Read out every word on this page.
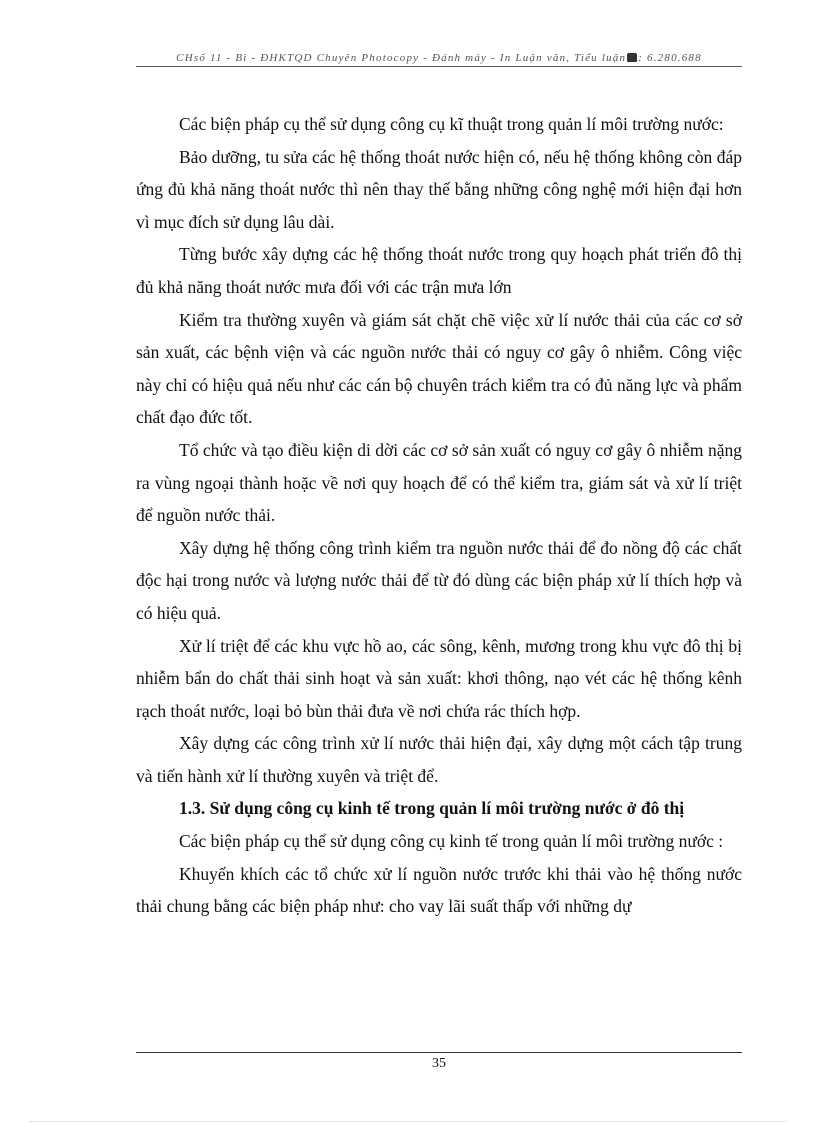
CHsố 11 - Bì - ĐHKTQD Chuyên Photocopy - Đánh máy - In Luận văn, Tiểu luận : 6.280.688

Các biện pháp cụ thể sử dụng công cụ kĩ thuật trong quản lí môi trường nước:

Bảo dưỡng, tu sửa các hệ thống thoát nước hiện có, nếu hệ thống không còn đáp ứng đủ khả năng thoát nước thì nên thay thế bằng những công nghệ mới hiện đại hơn vì mục đích sử dụng lâu dài.

Từng bước xây dựng các hệ thống thoát nước trong quy hoạch phát triển đô thị đủ khả năng thoát nước mưa đối với các trận mưa lớn

Kiểm tra thường xuyên và giám sát chặt chẽ việc xử lí nước thải của các cơ sở sản xuất, các bệnh viện và các nguồn nước thải có nguy cơ gây ô nhiễm. Công việc này chỉ có hiệu quả nếu như các cán bộ chuyên trách kiểm tra có đủ năng lực và phẩm chất đạo đức tốt.

Tổ chức và tạo điều kiện di dời các cơ sở sản xuất có nguy cơ gây ô nhiễm nặng ra vùng ngoại thành hoặc về nơi quy hoạch để có thể kiểm tra, giám sát và xử lí triệt để nguồn nước thải.

Xây dựng hệ thống công trình kiểm tra nguồn nước thải để đo nồng độ các chất độc hại trong nước và lượng nước thải để từ đó dùng các biện pháp xử lí thích hợp và có hiệu quả.

Xử lí triệt để các khu vực hồ ao, các sông, kênh, mương trong khu vực đô thị bị nhiễm bẩn do chất thải sinh hoạt và sản xuất: khơi thông, nạo vét các hệ thống kênh rạch thoát nước, loại bỏ bùn thải đưa về nơi chứa rác thích hợp.

Xây dựng các công trình xử lí nước thải hiện đại, xây dựng một cách tập trung và tiến hành xử lí thường xuyên và triệt để.

1.3. Sử dụng công cụ kinh tế trong quản lí môi trường nước ở đô thị

Các biện pháp cụ thể sử dụng công cụ kinh tế trong quản lí môi trường nước :

Khuyến khích các tổ chức xử lí nguồn nước trước khi thải vào hệ thống nước thải chung bằng các biện pháp như: cho vay lãi suất thấp với những dự

35
